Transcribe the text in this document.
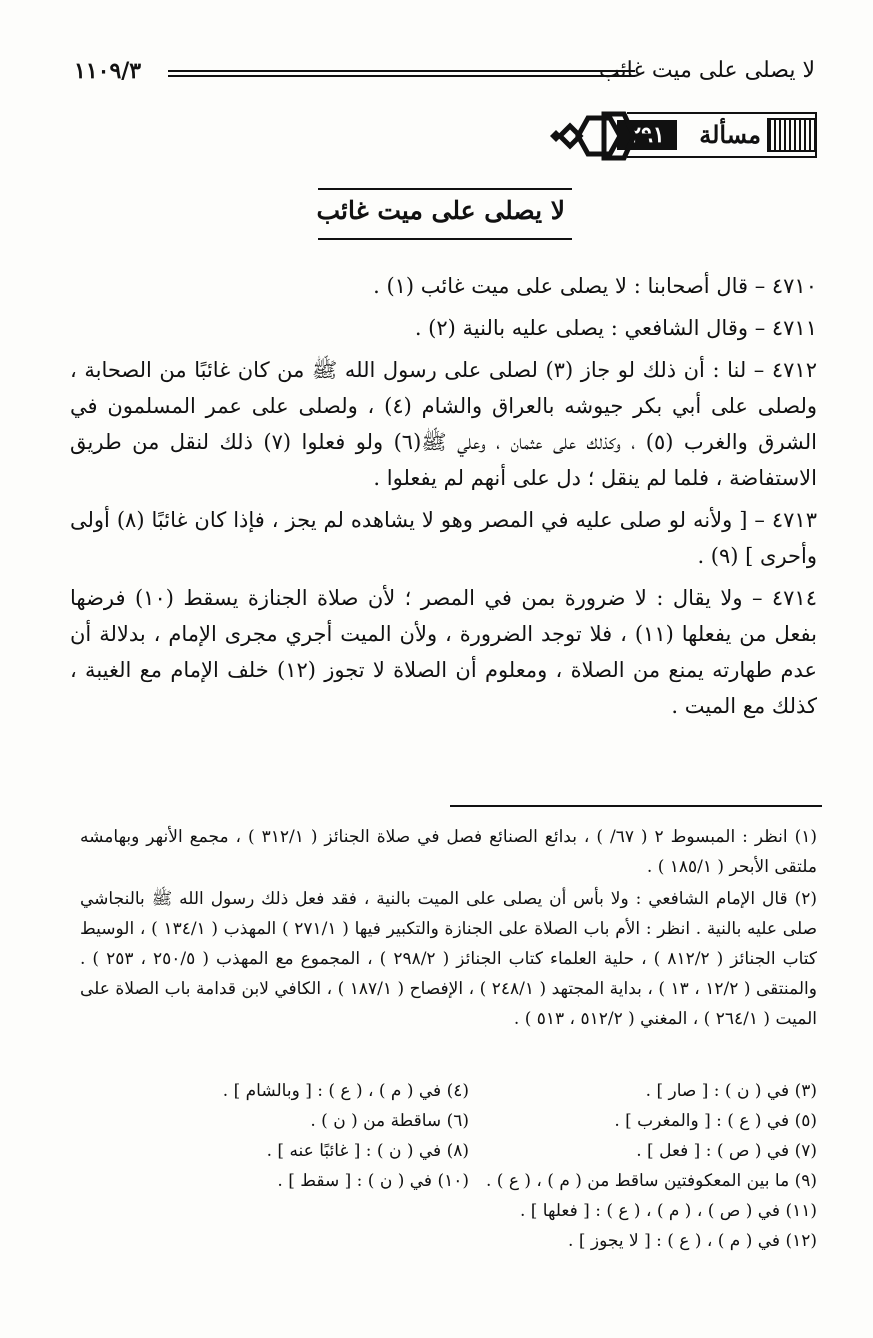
لا يصلى على ميت غائب
١١٠٩/٣
مسألة
٢٩١
لا يصلى على ميت غائب

٤٧١٠ – قال أصحابنا : لا يصلى على ميت غائب (١) .

٤٧١١ – وقال الشافعي : يصلى عليه بالنية (٢) .

٤٧١٢ – لنا : أن ذلك لو جاز (٣) لصلى على رسول الله ﷺ من كان غائبًا من الصحابة ، ولصلى على أبي بكر جيوشه بالعراق والشام (٤) ، ولصلى على عمر المسلمون في الشرق والغرب (٥) ، وكذلك على عثمان ، وعلي ﷺ(٦) ولو فعلوا (٧) ذلك لنقل من طريق الاستفاضة ، فلما لم ينقل ؛ دل على أنهم لم يفعلوا .

٤٧١٣ – [ ولأنه لو صلى عليه في المصر وهو لا يشاهده لم يجز ، فإذا كان غائبًا (٨) أولى وأحرى ] (٩) .

٤٧١٤ – ولا يقال : لا ضرورة بمن في المصر ؛ لأن صلاة الجنازة يسقط (١٠) فرضها بفعل من يفعلها (١١) ، فلا توجد الضرورة ، ولأن الميت أجري مجرى الإمام ، بدلالة أن عدم طهارته يمنع من الصلاة ، ومعلوم أن الصلاة لا تجوز (١٢) خلف الإمام مع الغيبة ، كذلك مع الميت .

(١) انظر : المبسوط ٢ ( ٦٧/ ) ، بدائع الصنائع فصل في صلاة الجنائز ( ٣١٢/١ ) ، مجمع الأنهر وبهامشه ملتقى الأبحر ( ١٨٥/١ ) .

(٢) قال الإمام الشافعي : ولا بأس أن يصلى على الميت بالنية ، فقد فعل ذلك رسول الله ﷺ بالنجاشي صلى عليه بالنية . انظر : الأم باب الصلاة على الجنازة والتكبير فيها ( ٢٧١/١ ) المهذب ( ١٣٤/١ ) ، الوسيط كتاب الجنائز ( ٨١٢/٢ ) ، حلية العلماء كتاب الجنائز ( ٢٩٨/٢ ) ، المجموع مع المهذب ( ٢٥٠/٥ ، ٢٥٣ ) . والمنتقى ( ١٢/٢ ، ١٣ ) ، بداية المجتهد ( ٢٤٨/١ ) ، الإفصاح ( ١٨٧/١ ) ، الكافي لابن قدامة باب الصلاة على الميت ( ٢٦٤/١ ) ، المغني ( ٥١٢/٢ ، ٥١٣ ) .

(٣) في ( ن ) : [ صار ] .
(٤) في ( م ) ، ( ع ) : [ وبالشام ] .
(٥) في ( ع ) : [ والمغرب ] .
(٦) ساقطة من ( ن ) .
(٧) في ( ص ) : [ فعل ] .
(٨) في ( ن ) : [ غائبًا عنه ] .
(٩) ما بين المعكوفتين ساقط من ( م ) ، ( ع ) .
(١٠) في ( ن ) : [ سقط ] .
(١١) في ( ص ) ، ( م ) ، ( ع ) : [ فعلها ] .
(١٢) في ( م ) ، ( ع ) : [ لا يجوز ] .
